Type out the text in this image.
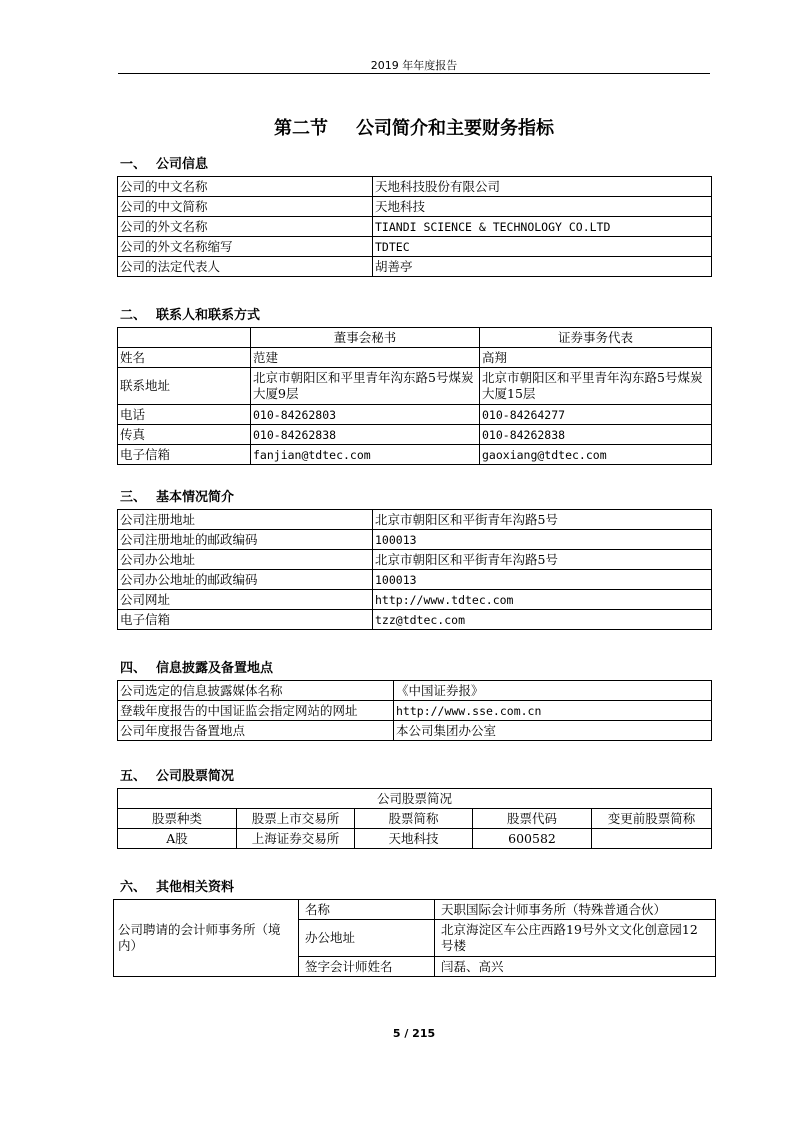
2019 年年度报告
第二节 公司简介和主要财务指标
一、 公司信息
公司的中文名称	天地科技股份有限公司
公司的中文简称	天地科技
公司的外文名称	TIANDI SCIENCE & TECHNOLOGY CO.LTD
公司的外文名称缩写	TDTEC
公司的法定代表人	胡善亭
二、 联系人和联系方式
	董事会秘书	证券事务代表
姓名	范建	高翔
联系地址	北京市朝阳区和平里青年沟东路5号煤炭大厦9层	北京市朝阳区和平里青年沟东路5号煤炭大厦15层
电话	010-84262803	010-84264277
传真	010-84262838	010-84262838
电子信箱	fanjian@tdtec.com	gaoxiang@tdtec.com
三、 基本情况简介
公司注册地址	北京市朝阳区和平街青年沟路5号
公司注册地址的邮政编码	100013
公司办公地址	北京市朝阳区和平街青年沟路5号
公司办公地址的邮政编码	100013
公司网址	http://www.tdtec.com
电子信箱	tzz@tdtec.com
四、 信息披露及备置地点
公司选定的信息披露媒体名称	《中国证券报》
登载年度报告的中国证监会指定网站的网址	http://www.sse.com.cn
公司年度报告备置地点	本公司集团办公室
五、 公司股票简况
公司股票简况				
股票种类	股票上市交易所	股票简称	股票代码	变更前股票简称
A股	上海证券交易所	天地科技	600582	
六、 其他相关资料
公司聘请的会计师事务所（境内）	名称	天职国际会计师事务所（特殊普通合伙）
	办公地址	北京海淀区车公庄西路19号外文文化创意园12 号楼
	签字会计师姓名	闫磊、高兴
5 / 215
